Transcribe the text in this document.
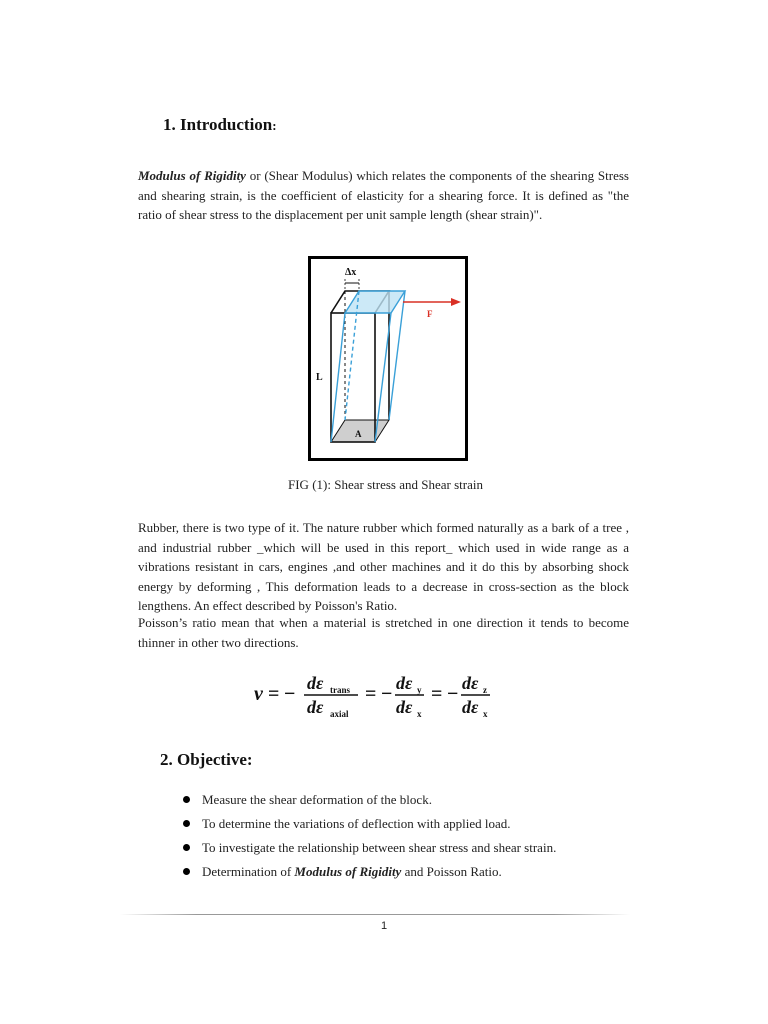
1. Introduction:

Modulus of Rigidity or (Shear Modulus) which relates the components of the shearing Stress and shearing strain, is the coefficient of elasticity for a shearing force. It is defined as "the ratio of shear stress to the displacement per unit sample length (shear strain)".

Δx
F
L
A

FIG (1): Shear stress and Shear strain

Rubber, there is two type of it. The nature rubber which formed naturally as a bark of a tree , and industrial rubber _which will be used in this report_ which used in wide range as a vibrations resistant in cars, engines ,and other machines and it do this by absorbing shock energy by deforming , This deformation leads to a decrease in cross-section as the block lengthens. An effect described by Poisson's Ratio.

Poisson’s ratio mean that when a material is stretched in one direction it tends to become thinner in other two directions.

ν = − dε trans
dε axial
= − dε y
dε x
= − dε z
dε x
2. Objective:
Measure the shear deformation of the block.
To determine the variations of deflection with applied load.
To investigate the relationship between shear stress and shear strain.
Determination of Modulus of Rigidity and Poisson Ratio.

1
